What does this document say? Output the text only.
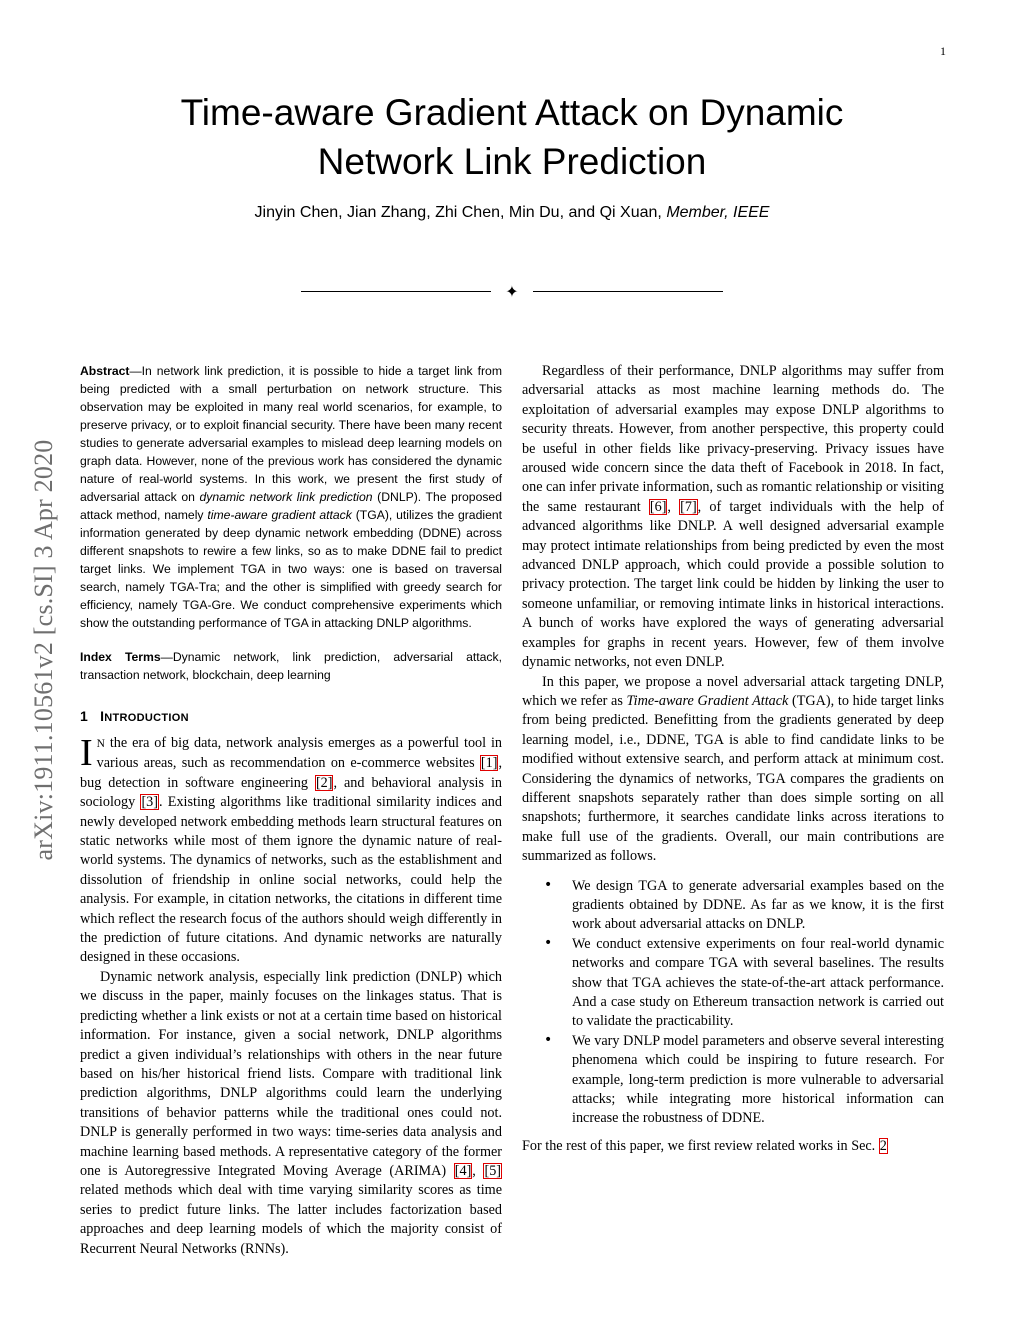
1
arXiv:1911.10561v2 [cs.SI] 3 Apr 2020
Time-aware Gradient Attack on Dynamic
Network Link Prediction
Jinyin Chen, Jian Zhang, Zhi Chen, Min Du, and Qi Xuan, Member, IEEE
✦

Abstract—In network link prediction, it is possible to hide a target link from being predicted with a small perturbation on network structure. This observation may be exploited in many real world scenarios, for example, to preserve privacy, or to exploit financial security. There have been many recent studies to generate adversarial examples to mislead deep learning models on graph data. However, none of the previous work has considered the dynamic nature of real-world systems. In this work, we present the first study of adversarial attack on dynamic network link prediction (DNLP). The proposed attack method, namely time-aware gradient attack (TGA), utilizes the gradient information generated by deep dynamic network embedding (DDNE) across different snapshots to rewire a few links, so as to make DDNE fail to predict target links. We implement TGA in two ways: one is based on traversal search, namely TGA-Tra; and the other is simplified with greedy search for efficiency, namely TGA-Gre. We conduct comprehensive experiments which show the outstanding performance of TGA in attacking DNLP algorithms.

Index Terms—Dynamic network, link prediction, adversarial attack, transaction network, blockchain, deep learning

1 INTRODUCTION

I N the era of big data, network analysis emerges as a powerful tool in various areas, such as recommendation on e-commerce websites [1], bug detection in software engineering [2], and behavioral analysis in sociology [3]. Existing algorithms like traditional similarity indices and newly developed network embedding methods learn structural features on static networks while most of them ignore the dynamic nature of real-world systems. The dynamics of networks, such as the establishment and dissolution of friendship in online social networks, could help the analysis. For example, in citation networks, the citations in different time which reflect the research focus of the authors should weigh differently in the prediction of future citations. And dynamic networks are naturally designed in these occasions.

Dynamic network analysis, especially link prediction (DNLP) which we discuss in the paper, mainly focuses on the linkages status. That is predicting whether a link exists or not at a certain time based on historical information. For instance, given a social network, DNLP algorithms predict a given individual’s relationships with others in the near future based on his/her historical friend lists. Compare with traditional link prediction algorithms, DNLP algorithms could learn the underlying transitions of behavior patterns while the traditional ones could not. DNLP is generally performed in two ways: time-series data analysis and machine learning based methods. A representative category of the former one is Autoregressive Integrated Moving Average (ARIMA) [4], [5] related methods which deal with time varying similarity scores as time series to predict future links. The latter includes factorization based approaches and deep learning models of which the majority consist of Recurrent Neural Networks (RNNs).

Regardless of their performance, DNLP algorithms may suffer from adversarial attacks as most machine learning methods do. The exploitation of adversarial examples may expose DNLP algorithms to security threats. However, from another perspective, this property could be useful in other fields like privacy-preserving. Privacy issues have aroused wide concern since the data theft of Facebook in 2018. In fact, one can infer private information, such as romantic relationship or visiting the same restaurant [6], [7], of target individuals with the help of advanced algorithms like DNLP. A well designed adversarial example may protect intimate relationships from being predicted by even the most advanced DNLP approach, which could provide a possible solution to privacy protection. The target link could be hidden by linking the user to someone unfamiliar, or removing intimate links in historical interactions. A bunch of works have explored the ways of generating adversarial examples for graphs in recent years. However, few of them involve dynamic networks, not even DNLP.

In this paper, we propose a novel adversarial attack targeting DNLP, which we refer as Time-aware Gradient Attack (TGA), to hide target links from being predicted. Benefitting from the gradients generated by deep learning model, i.e., DDNE, TGA is able to find candidate links to be modified without extensive search, and perform attack at minimum cost. Considering the dynamics of networks, TGA compares the gradients on different snapshots separately rather than does simple sorting on all snapshots; furthermore, it searches candidate links across iterations to make full use of the gradients. Overall, our main contributions are summarized as follows.

• We design TGA to generate adversarial examples based on the gradients obtained by DDNE. As far as we know, it is the first work about adversarial attacks on DNLP.
• We conduct extensive experiments on four real-world dynamic networks and compare TGA with several baselines. The results show that TGA achieves the state-of-the-art attack performance. And a case study on Ethereum transaction network is carried out to validate the practicability.
• We vary DNLP model parameters and observe several interesting phenomena which could be inspiring to future research. For example, long-term prediction is more vulnerable to adversarial attacks; while integrating more historical information can increase the robustness of DDNE.

For the rest of this paper, we first review related works in Sec. 2
